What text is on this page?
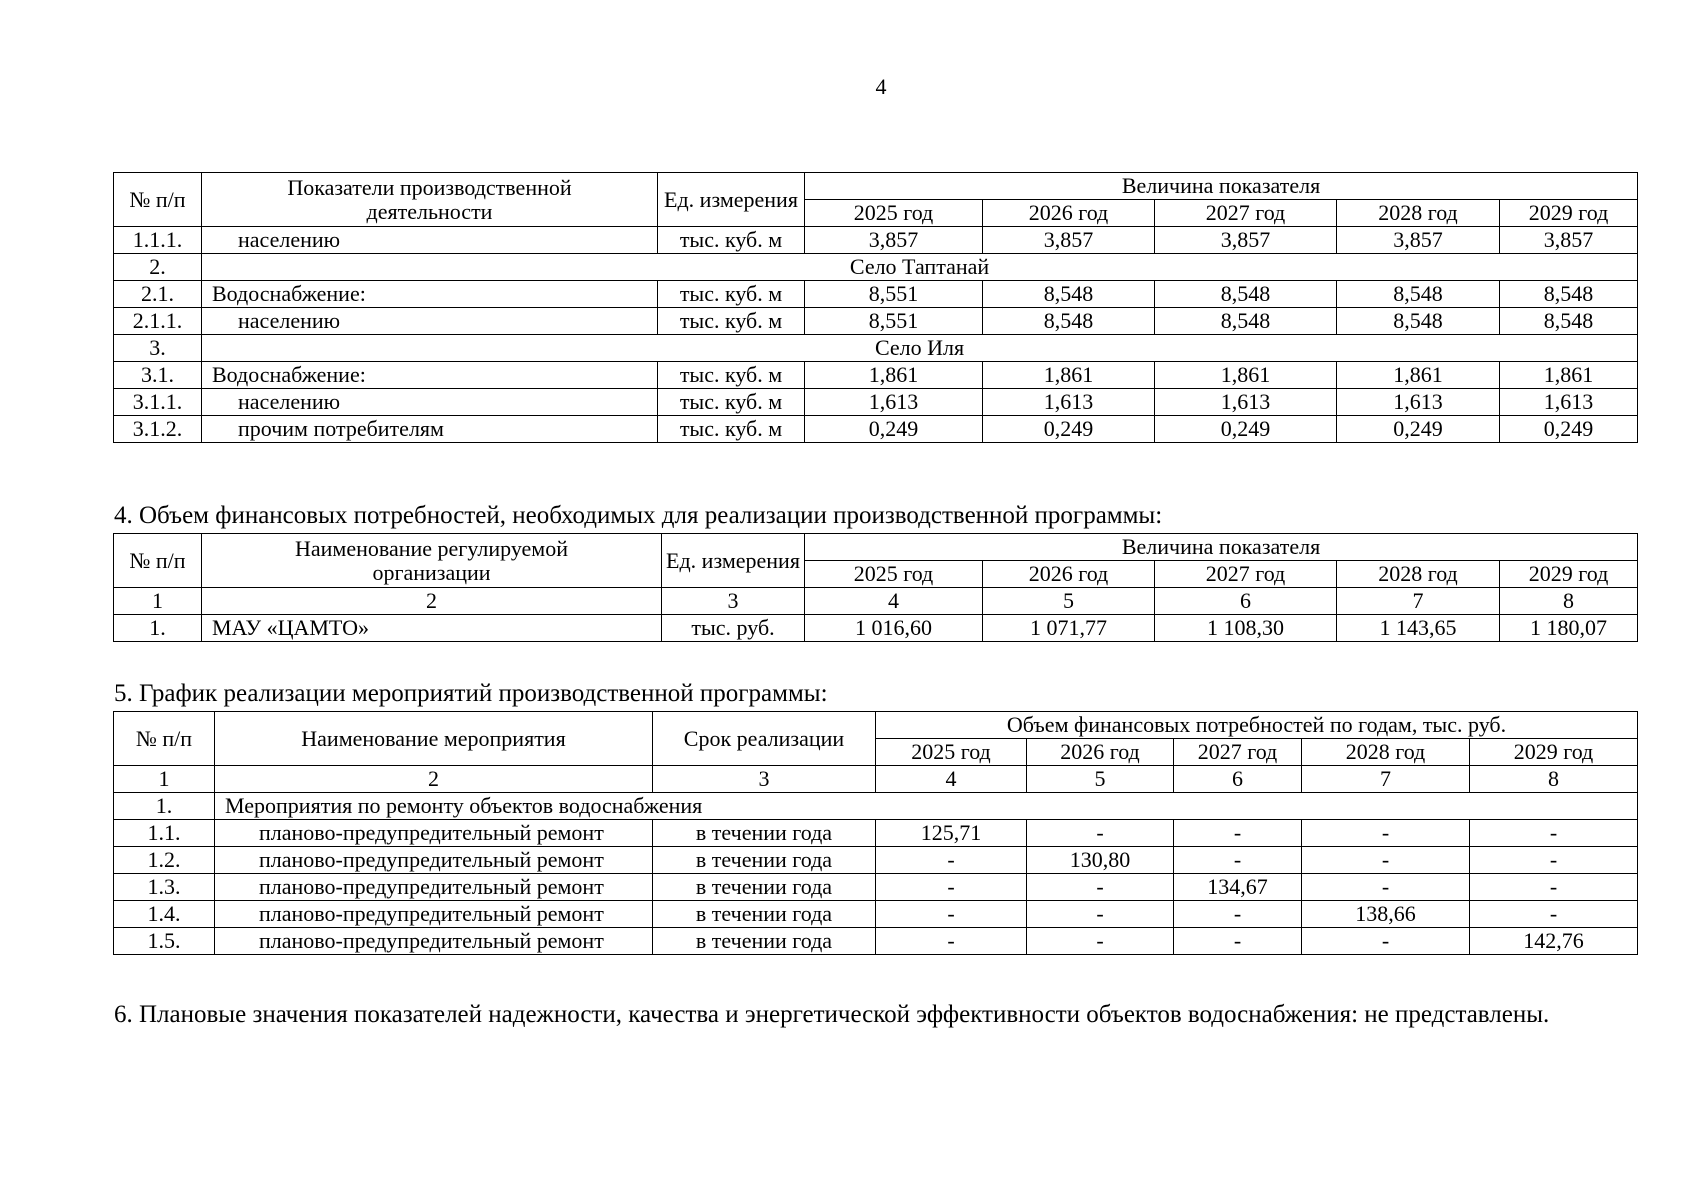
4
№ п/п	Показатели производственной деятельности	Ед. измерения	Величина показателя				
			2025 год	2026 год	2027 год	2028 год	2029 год
1.1.1.	населению	тыс. куб. м	3,857	3,857	3,857	3,857	3,857
2.	Село Таптанай						
2.1.	Водоснабжение:	тыс. куб. м	8,551	8,548	8,548	8,548	8,548
2.1.1.	населению	тыс. куб. м	8,551	8,548	8,548	8,548	8,548
3.	Село Иля						
3.1.	Водоснабжение:	тыс. куб. м	1,861	1,861	1,861	1,861	1,861
3.1.1.	населению	тыс. куб. м	1,613	1,613	1,613	1,613	1,613
3.1.2.	прочим потребителям	тыс. куб. м	0,249	0,249	0,249	0,249	0,249
4. Объем финансовых потребностей, необходимых для реализации производственной программы:
№ п/п	Наименование регулируемой организации	Ед. измерения	Величина показателя				
			2025 год	2026 год	2027 год	2028 год	2029 год
1	2	3	4	5	6	7	8
1.	МАУ «ЦАМТО»	тыс. руб.	1 016,60	1 071,77	1 108,30	1 143,65	1 180,07
5. График реализации мероприятий производственной программы:
№ п/п	Наименование мероприятия	Срок реализации	Объем финансовых потребностей по годам, тыс. руб.				
			2025 год	2026 год	2027 год	2028 год	2029 год
1	2	3	4	5	6	7	8
1.	Мероприятия по ремонту объектов водоснабжения						
1.1.	планово-предупредительный ремонт	в течении года	125,71	-	-	-	-
1.2.	планово-предупредительный ремонт	в течении года	-	130,80	-	-	-
1.3.	планово-предупредительный ремонт	в течении года	-	-	134,67	-	-
1.4.	планово-предупредительный ремонт	в течении года	-	-	-	138,66	-
1.5.	планово-предупредительный ремонт	в течении года	-	-	-	-	142,76
6. Плановые значения показателей надежности, качества и энергетической эффективности объектов водоснабжения: не представлены.
